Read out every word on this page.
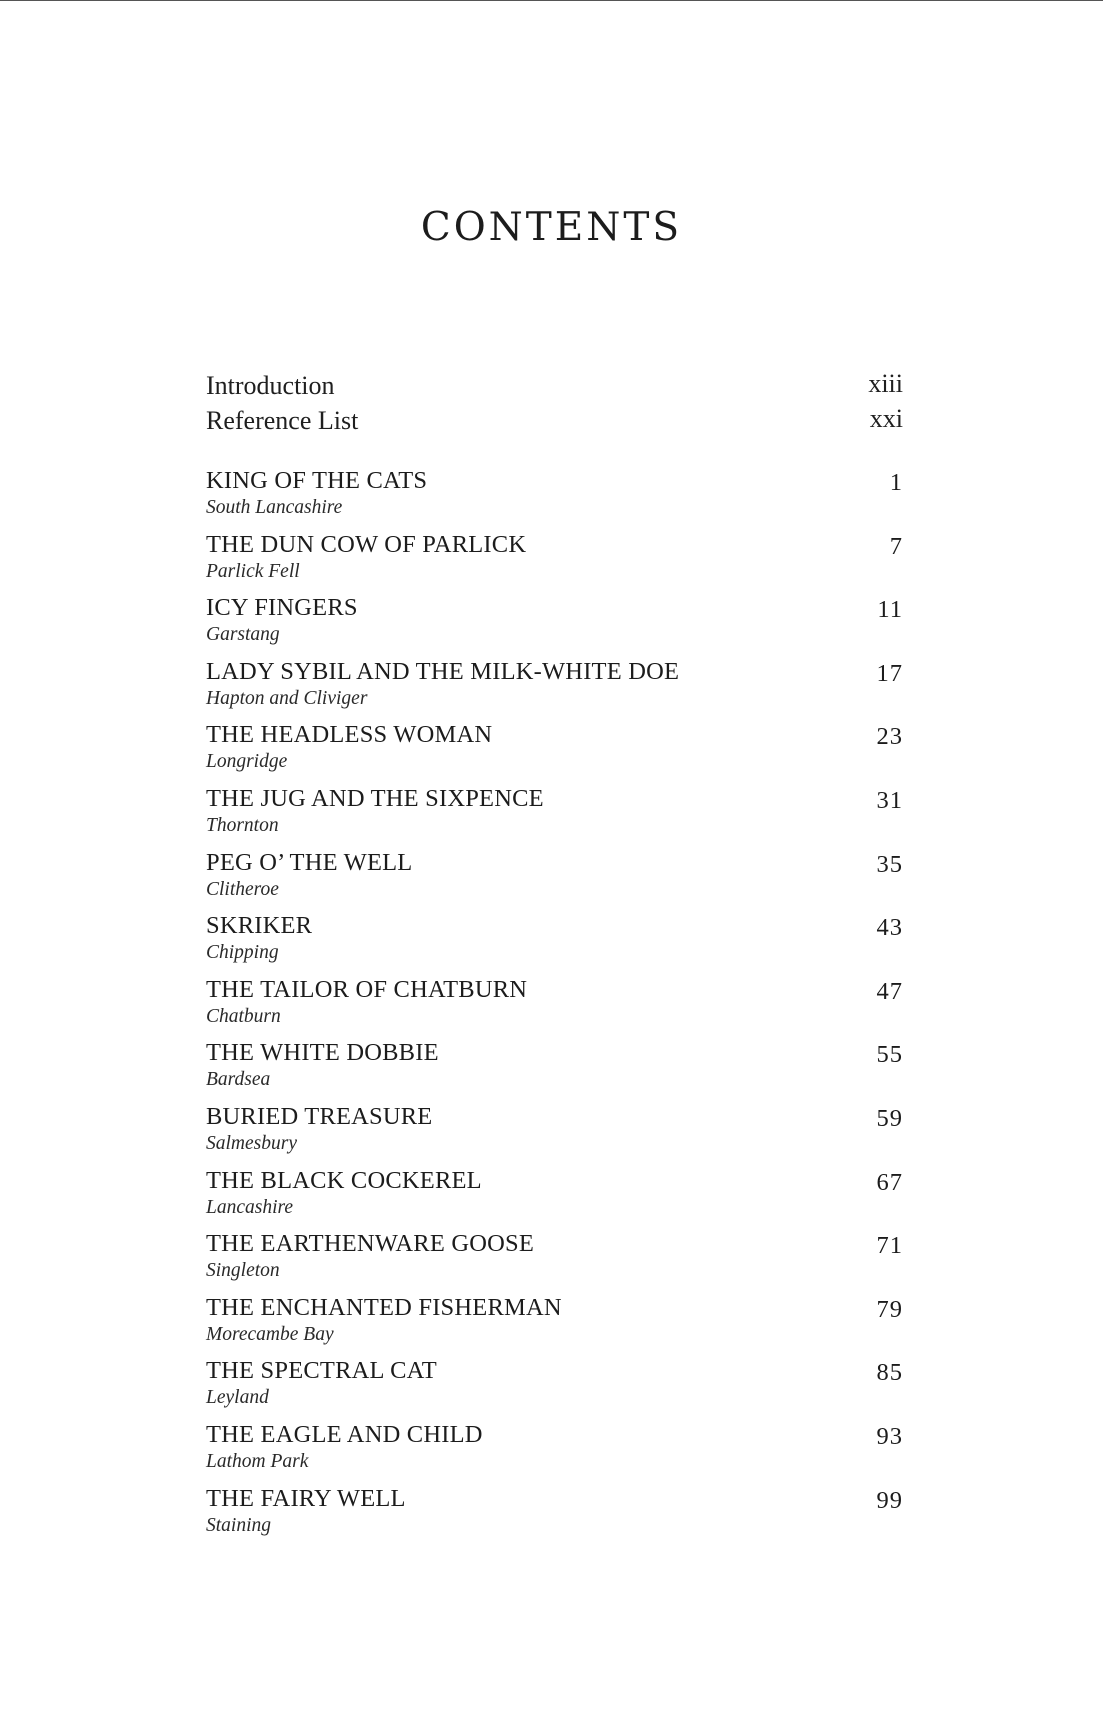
CONTENTS
Introduction	xiii
Reference List	xxi
KING OF THE CATS
South Lancashire
1
THE DUN COW OF PARLICK
Parlick Fell
7
ICY FINGERS
Garstang
11
LADY SYBIL AND THE MILK-WHITE DOE
Hapton and Cliviger
17
THE HEADLESS WOMAN
Longridge
23
THE JUG AND THE SIXPENCE
Thornton
31
PEG O’ THE WELL
Clitheroe
35
SKRIKER
Chipping
43
THE TAILOR OF CHATBURN
Chatburn
47
THE WHITE DOBBIE
Bardsea
55
BURIED TREASURE
Salmesbury
59
THE BLACK COCKEREL
Lancashire
67
THE EARTHENWARE GOOSE
Singleton
71
THE ENCHANTED FISHERMAN
Morecambe Bay
79
THE SPECTRAL CAT
Leyland
85
THE EAGLE AND CHILD
Lathom Park
93
THE FAIRY WELL
Staining
99
